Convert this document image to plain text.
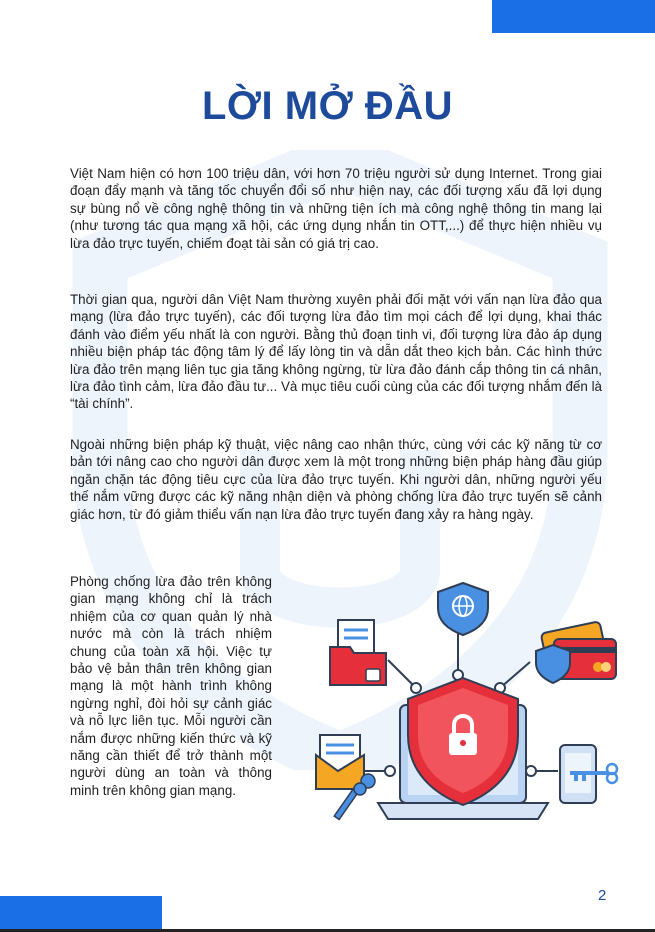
LỜI MỞ ĐẦU

Việt Nam hiện có hơn 100 triệu dân, với hơn 70 triệu người sử dụng Internet. Trong giai đoạn đẩy mạnh và tăng tốc chuyển đổi số như hiện nay, các đối tượng xấu đã lợi dụng sự bùng nổ về công nghệ thông tin và những tiện ích mà công nghệ thông tin mang lại (như tương tác qua mạng xã hội, các ứng dụng nhắn tin OTT,...) để thực hiện nhiều vụ lừa đảo trực tuyến, chiếm đoạt tài sản có giá trị cao.

Thời gian qua, người dân Việt Nam thường xuyên phải đối mặt với vấn nạn lừa đảo qua mạng (lừa đảo trực tuyến), các đối tượng lừa đảo tìm mọi cách để lợi dụng, khai thác đánh vào điểm yếu nhất là con người. Bằng thủ đoạn tinh vi, đối tượng lừa đảo áp dụng nhiều biện pháp tác động tâm lý để lấy lòng tin và dẫn dắt theo kịch bản. Các hình thức lừa đảo trên mạng liên tục gia tăng không ngừng, từ lừa đảo đánh cắp thông tin cá nhân, lừa đảo tình cảm, lừa đảo đầu tư... Và mục tiêu cuối cùng của các đối tượng nhắm đến là “tài chính”.

Ngoài những biện pháp kỹ thuật, việc nâng cao nhận thức, cùng với các kỹ năng từ cơ bản tới nâng cao cho người dân được xem là một trong những biện pháp hàng đầu giúp ngăn chặn tác động tiêu cực của lừa đảo trực tuyến. Khi người dân, những người yếu thế nắm vững được các kỹ năng nhận diện và phòng chống lừa đảo trực tuyến sẽ cảnh giác hơn, từ đó giảm thiểu vấn nạn lừa đảo trực tuyến đang xảy ra hàng ngày.

Phòng chống lừa đảo trên không gian mạng không chỉ là trách nhiệm của cơ quan quản lý nhà nước mà còn là trách nhiệm chung của toàn xã hội. Việc tự bảo vệ bản thân trên không gian mạng là một hành trình không ngừng nghỉ, đòi hỏi sự cảnh giác và nỗ lực liên tục. Mỗi người cần nắm được những kiến thức và kỹ năng cần thiết để trở thành một người dùng an toàn và thông minh trên không gian mạng.

2
